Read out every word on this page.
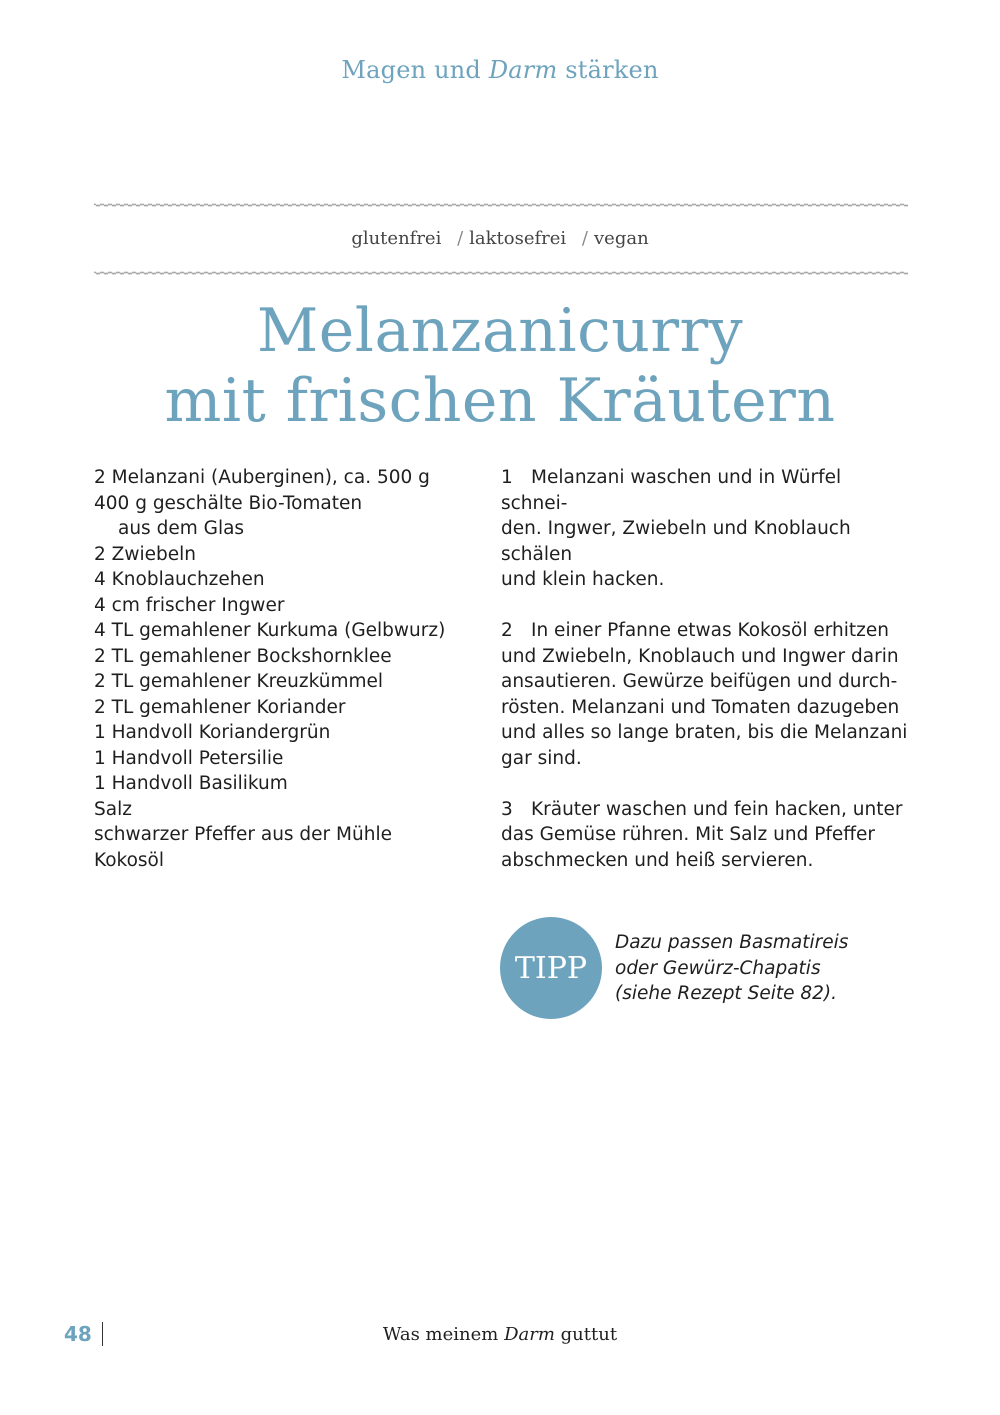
Magen und Darm stärken
glutenfrei / laktosefrei / vegan
Melanzanicurry
mit frischen Kräutern
2 Melanzani (Auberginen), ca. 500 g
400 g geschälte Bio-Tomaten
aus dem Glas
2 Zwiebeln
4 Knoblauchzehen
4 cm frischer Ingwer
4 TL gemahlener Kurkuma (Gelbwurz)
2 TL gemahlener Bockshornklee
2 TL gemahlener Kreuzkümmel
2 TL gemahlener Koriander
1 Handvoll Koriandergrün
1 Handvoll Petersilie
1 Handvoll Basilikum
Salz
schwarzer Pfeffer aus der Mühle
Kokosöl
1 Melanzani waschen und in Würfel schnei-
den. Ingwer, Zwiebeln und Knoblauch schälen
und klein hacken.
2 In einer Pfanne etwas Kokosöl erhitzen
und Zwiebeln, Knoblauch und Ingwer darin
ansautieren. Gewürze beifügen und durch-
rösten. Melanzani und Tomaten dazugeben
und alles so lange braten, bis die Melanzani
gar sind.
3 Kräuter waschen und fein hacken, unter
das Gemüse rühren. Mit Salz und Pfeffer
abschmecken und heiß servieren.
TIPP
Dazu passen Basmatireis
oder Gewürz-Chapatis
(siehe Rezept Seite 82).
48	Was meinem Darm guttut
